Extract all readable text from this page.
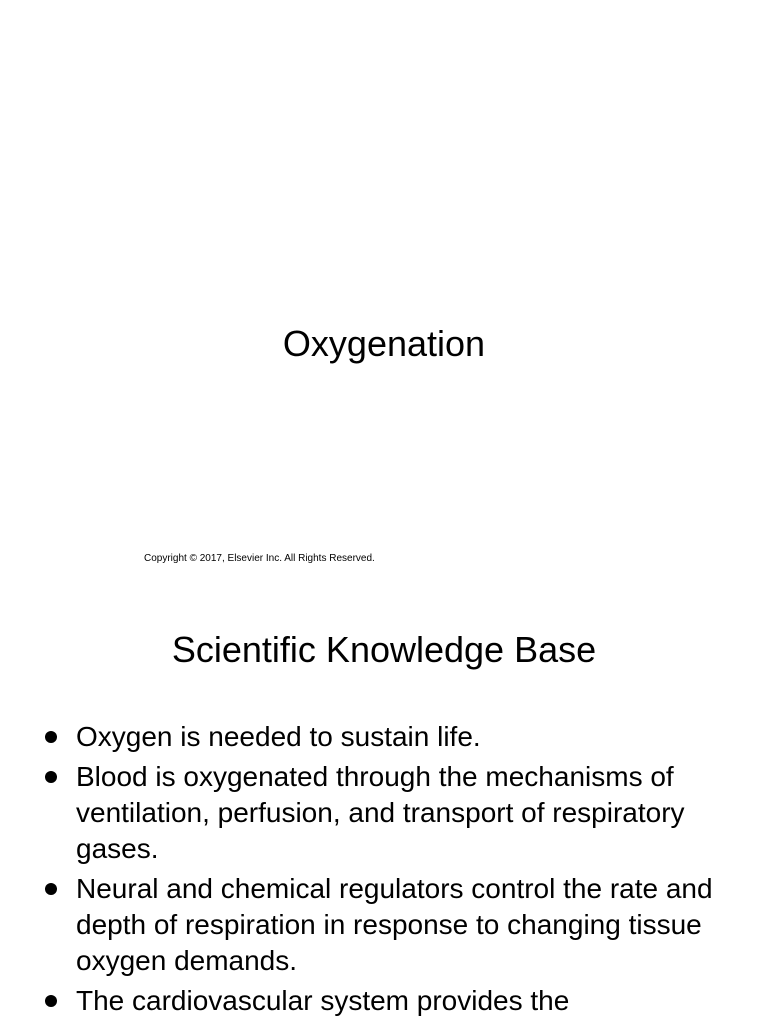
Oxygenation
Copyright © 2017, Elsevier Inc. All Rights Reserved.
Scientific Knowledge Base
Oxygen is needed to sustain life.
Blood is oxygenated through the mechanisms of ventilation, perfusion, and transport of respiratory gases.
Neural and chemical regulators control the rate and depth of respiration in response to changing tissue oxygen demands.
The cardiovascular system provides the
